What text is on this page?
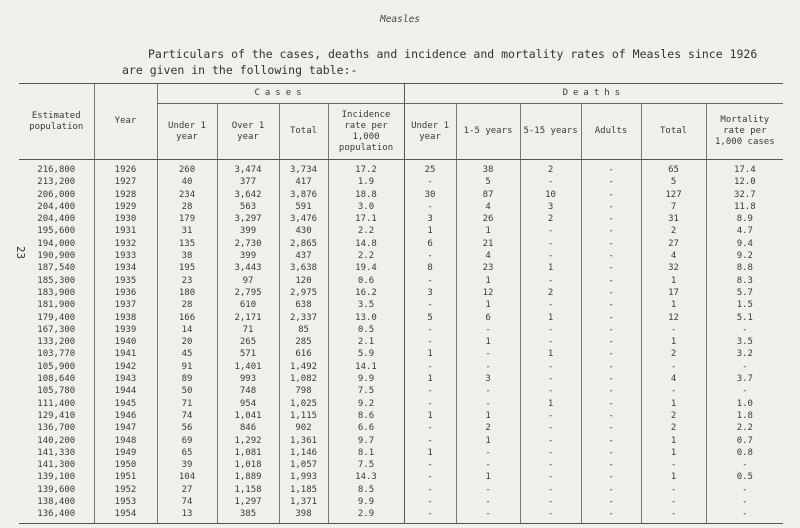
Measles
Particulars of the cases, deaths and incidence and mortality rates of Measles since 1926
are given in the following table:-
23
Estimated population	Year	Cases				Deaths					
		Under 1 year	Over 1 year	Total	Incidence rate per 1,000 population	Under 1 year	1-5 years	5-15 years	Adults	Total	Mortality rate per 1,000 cases
216,800	1926	260	3,474	3,734	17.2	25	38	2	-	65	17.4
213,200	1927	40	377	417	1.9	-	5	-	-	5	12.0
206,000	1928	234	3,642	3,876	18.8	30	87	10	-	127	32.7
204,400	1929	28	563	591	3.0	-	4	3	-	7	11.8
204,400	1930	179	3,297	3,476	17.1	3	26	2	-	31	8.9
195,600	1931	31	399	430	2.2	1	1	-	-	2	4.7
194,000	1932	135	2,730	2,865	14.8	6	21	-	-	27	9.4
190,900	1933	38	399	437	2.2	-	4	-	-	4	9.2
187,540	1934	195	3,443	3,638	19.4	8	23	1	-	32	8.8
185,300	1935	23	97	120	0.6	-	1	-	-	1	8.3
183,900	1936	180	2,795	2,975	16.2	3	12	2	-	17	5.7
181,900	1937	28	610	638	3.5	-	1	-	-	1	1.5
179,400	1938	166	2,171	2,337	13.0	5	6	1	-	12	5.1
167,300	1939	14	71	85	0.5	-	-	-	-	-	-
133,200	1940	20	265	285	2.1	-	1	-	-	1	3.5
103,770	1941	45	571	616	5.9	1	-	1	-	2	3.2
105,900	1942	91	1,401	1,492	14.1	-	-	-	-	-	-
108,640	1943	89	993	1,082	9.9	1	3	-	-	4	3.7
105,780	1944	50	748	798	7.5	-	-	-	-	-	-
111,400	1945	71	954	1,025	9.2	-	-	1	-	1	1.0
129,410	1946	74	1,041	1,115	8.6	1	1	-	-	2	1.8
136,700	1947	56	846	902	6.6	-	2	-	-	2	2.2
140,200	1948	69	1,292	1,361	9.7	-	1	-	-	1	0.7
141,330	1949	65	1,081	1,146	8.1	1	-	-	-	1	0.8
141,300	1950	39	1,018	1,057	7.5	-	-	-	-	-	-
139,100	1951	104	1,889	1,993	14.3	-	1	-	-	1	0.5
139,600	1952	27	1,158	1,185	8.5	-	-	-	-	-	-
138,400	1953	74	1,297	1,371	9.9	-	-	-	-	-	-
136,400	1954	13	385	398	2.9	-	-	-	-	-	-
